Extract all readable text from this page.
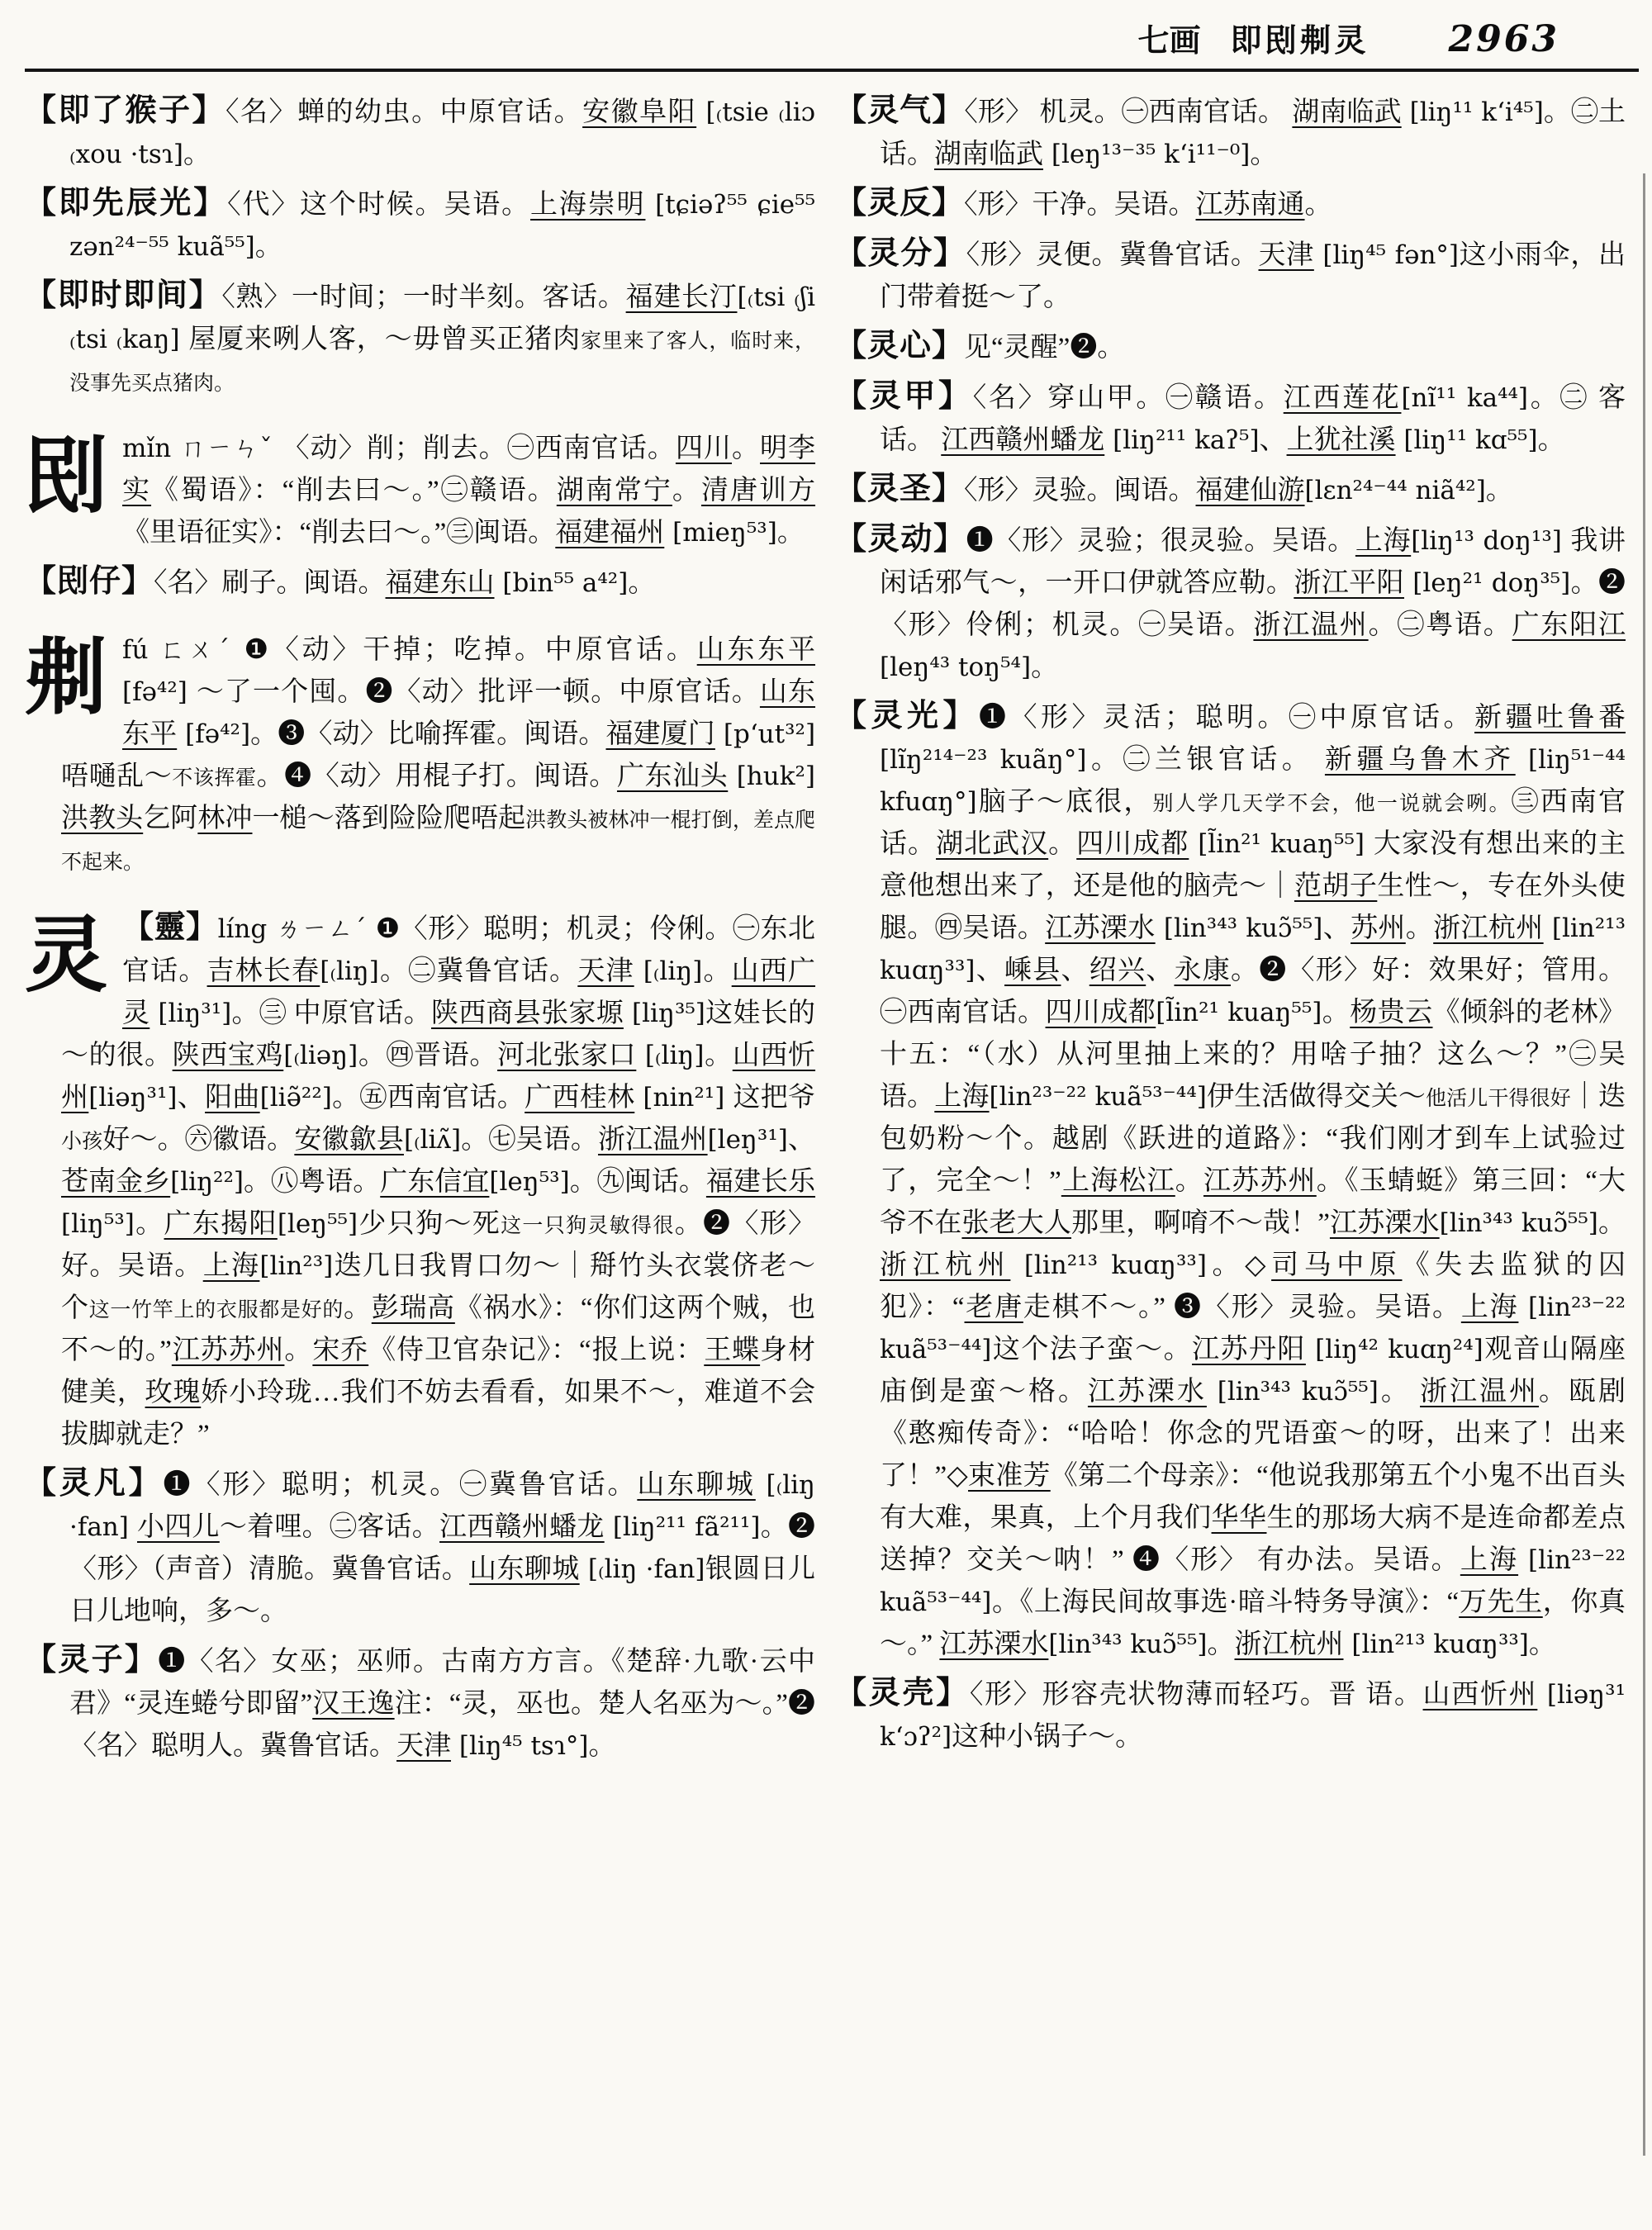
七画 即刡刜灵 2963
【即了猴子】〈名〉蝉的幼虫。中原官话。安徽阜阳 [₍tsie ₍liɔ ₍xou ·tsɿ]。
【即先辰光】〈代〉这个时候。吴语。上海崇明 [tɕiəʔ⁵⁵ ɕie⁵⁵ zən²⁴⁻⁵⁵ kuã⁵⁵]。
【即时即间】〈熟〉一时间；一时半刻。客话。福建长汀[₍tsi ₍ʃi ₍tsi ₍kaŋ] 屋厦来咧人客，～毋曾买正猪肉家里来了客人，临时来，没事先买点猪肉。
刡mǐn ㄇㄧㄣˇ 〈动〉削；削去。㊀西南官话。四川。明李实《蜀语》：“削去曰～。”㊁赣语。湖南常宁。清唐训方 《里语征实》：“削去曰～。”㊂闽语。福建福州 [mieŋ⁵³]。
【刡仔】〈名〉刷子。闽语。福建东山 [bin⁵⁵ a⁴²]。
刜fú ㄈㄨˊ ❶〈动〉干掉；吃掉。中原官话。山东东平 [fə⁴²] ～了一个囤。❷〈动〉批评一顿。中原官话。山东东平 [fə⁴²]。❸〈动〉比喻挥霍。闽语。福建厦门 [p‘ut³²]唔嗵乱～不该挥霍。❹〈动〉用棍子打。闽语。广东汕头 [huk²]洪教头乞阿林冲一槌～落到险险爬唔起洪教头被林冲一棍打倒，差点爬不起来。
灵 【靈】líng ㄌㄧㄥˊ ❶〈形〉聪明；机灵；伶俐。㊀东北官话。吉林长春[₍liŋ]。㊁冀鲁官话。天津 [₍liŋ]。山西广灵 [liŋ³¹]。㊂ 中原官话。陕西商县张家塬 [liŋ³⁵]这娃长的～的很。陕西宝鸡[₍liəŋ]。㊃晋语。河北张家口 [₍liŋ]。山西忻州[liəŋ³¹]、阳曲[liə̃²²]。㊄西南官话。广西桂林 [nin²¹] 这把爷小孩好～。㊅徽语。安徽歙县[₍liʌ̃]。㊆吴语。浙江温州[leŋ³¹]、苍南金乡[liŋ²²]。㊇粤语。广东信宜[leŋ⁵³]。㊈闽话。福建长乐[liŋ⁵³]。广东揭阳[leŋ⁵⁵]少只狗～死这一只狗灵敏得很。❷〈形〉好。吴语。上海[lin²³]迭几日我胃口勿～｜搿竹头衣裳侪老～个这一竹竿上的衣服都是好的。彭瑞高《祸水》：“你们这两个贼，也不～的。”江苏苏州。宋乔《侍卫官杂记》：“报上说：王蝶身材健美，玫瑰娇小玲珑…我们不妨去看看，如果不～，难道不会拔脚就走？”
【灵凡】❶〈形〉聪明；机灵。㊀冀鲁官话。山东聊城 [₍liŋ ·fan] 小四儿～着哩。㊁客话。江西赣州蟠龙 [liŋ²¹¹ fã²¹¹]。❷〈形〉（声音）清脆。冀鲁官话。山东聊城 [₍liŋ ·fan]银圆日儿日儿地响，多～。
【灵子】❶〈名〉女巫；巫师。古南方方言。《楚辞·九歌·云中君》“灵连蜷兮即留”汉王逸注：“灵，巫也。楚人名巫为～。”❷〈名〉聪明人。冀鲁官话。天津 [liŋ⁴⁵ tsɿ°]。
【灵气】〈形〉 机灵。㊀西南官话。 湖南临武 [liŋ¹¹ k‘i⁴⁵]。㊁土话。湖南临武 [leŋ¹³⁻³⁵ k‘i¹¹⁻⁰]。
【灵反】〈形〉干净。吴语。江苏南通。
【灵分】〈形〉灵便。冀鲁官话。天津 [liŋ⁴⁵ fən°]这小雨伞，出门带着挺～了。
【灵心】见“灵醒”❷。
【灵甲】〈名〉穿山甲。㊀赣语。江西莲花[nĩ¹¹ ka⁴⁴]。㊁ 客 话。 江西赣州蟠龙 [liŋ²¹¹ kaʔ⁵]、上犹社溪 [liŋ¹¹ kɑ⁵⁵]。
【灵圣】〈形〉灵验。闽语。福建仙游[lɛn²⁴⁻⁴⁴ niã⁴²]。
【灵动】❶〈形〉灵验；很灵验。吴语。上海[liŋ¹³ doŋ¹³] 我讲闲话邪气～，一开口伊就答应勒。浙江平阳 [leŋ²¹ doŋ³⁵]。❷〈形〉伶俐；机灵。㊀吴语。浙江温州。㊁粤语。广东阳江 [leŋ⁴³ toŋ⁵⁴]。
【灵光】❶〈形〉灵活；聪明。㊀中原官话。新疆吐鲁番 [lĩŋ²¹⁴⁻²³ kuãŋ°]。㊁兰银官话。 新疆乌鲁木齐 [liŋ⁵¹⁻⁴⁴ kfuɑŋ°]脑子～底很，别人学几天学不会，他一说就会咧。㊂西南官话。湖北武汉。四川成都 [l̃in²¹ kuaŋ⁵⁵] 大家没有想出来的主意他想出来了，还是他的脑壳～｜范胡子生性～，专在外头使腿。㊃吴语。江苏溧水 [lin³⁴³ kuɔ̃⁵⁵]、苏州。浙江杭州 [lin²¹³ kuɑŋ³³]、嵊县、绍兴、永康。❷〈形〉好：效果好；管用。㊀西南官话。四川成都[l̃in²¹ kuaŋ⁵⁵]。杨贵云《倾斜的老林》十五：“（水）从河里抽上来的？用啥子抽？这么～？”㊁吴语。上海[lin²³⁻²² kuã⁵³⁻⁴⁴]伊生活做得交关～他活儿干得很好｜迭包奶粉～个。越剧《跃进的道路》：“我们刚才到车上试验过了，完全～！”上海松江。江苏苏州。《玉蜻蜓》第三回：“大爷不在张老大人那里，啊唷不～哉！”江苏溧水[lin³⁴³ kuɔ̃⁵⁵]。浙江杭州 [lin²¹³ kuɑŋ³³]。◇司马中原《失去监狱的囚犯》：“老唐走棋不～。” ❸〈形〉灵验。吴语。上海 [lin²³⁻²² kuã⁵³⁻⁴⁴]这个法子蛮～。江苏丹阳 [liŋ⁴² kuɑŋ²⁴]观音山隔座庙倒是蛮～格。江苏溧水 [lin³⁴³ kuɔ̃⁵⁵]。 浙江温州。瓯剧《憨痴传奇》：“哈哈！你念的咒语蛮～的呀，出来了！出来了！”◇束准芳《第二个母亲》：“他说我那第五个小鬼不出百头有大难，果真，上个月我们华华生的那场大病不是连命都差点送掉？交关～呐！” ❹〈形〉 有办法。吴语。上海 [lin²³⁻²² kuã⁵³⁻⁴⁴]。《上海民间故事选·暗斗特务导演》：“万先生，你真～。” 江苏溧水[lin³⁴³ kuɔ̃⁵⁵]。浙江杭州 [lin²¹³ kuɑŋ³³]。
【灵壳】〈形〉形容壳状物薄而轻巧。晋 语。山西忻州 [liəŋ³¹ k‘ɔʔ²]这种小锅子～。
